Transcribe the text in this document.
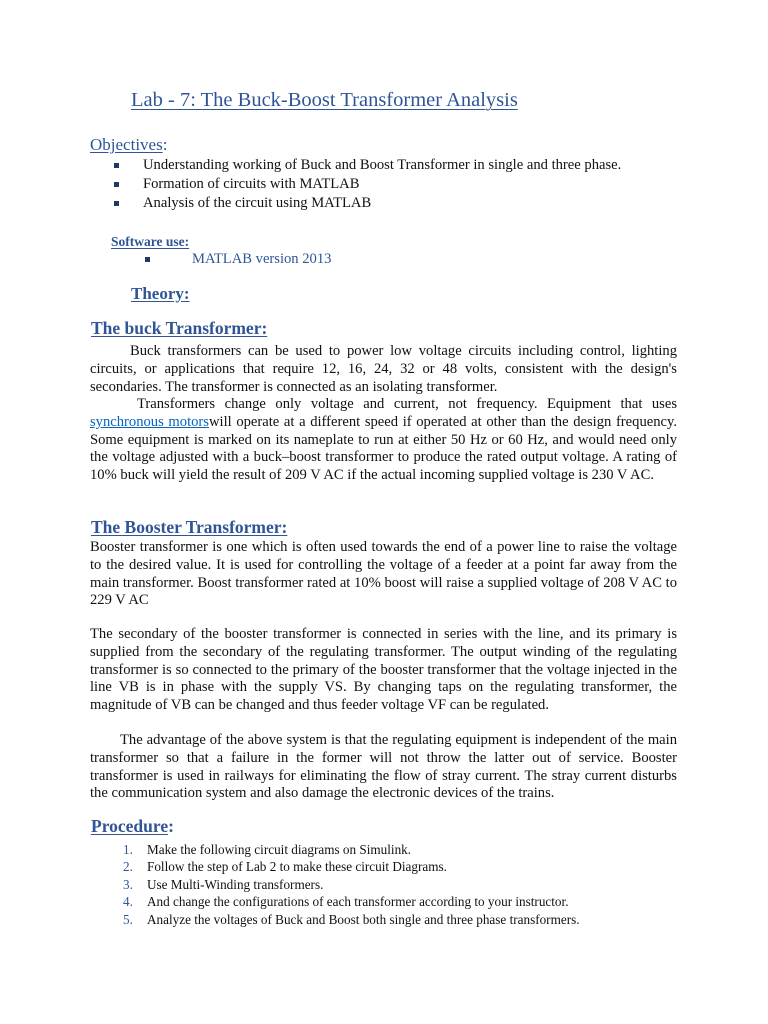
Lab - 7: The Buck-Boost Transformer Analysis
Objectives:
Understanding working of Buck and Boost Transformer in single and three phase.
Formation of circuits with MATLAB
Analysis of the circuit using MATLAB
Software use:
MATLAB version 2013
Theory:
The buck Transformer:

Buck transformers can be used to power low voltage circuits including control, lighting circuits, or applications that require 12, 16, 24, 32 or 48 volts, consistent with the design's secondaries. The transformer is connected as an isolating transformer.

Transformers change only voltage and current, not frequency. Equipment that uses synchronous motorswill operate at a different speed if operated at other than the design frequency. Some equipment is marked on its nameplate to run at either 50 Hz or 60 Hz, and would need only the voltage adjusted with a buck–boost transformer to produce the rated output voltage. A rating of 10% buck will yield the result of 209 V AC if the actual incoming supplied voltage is 230 V AC.

The Booster Transformer:

Booster transformer is one which is often used towards the end of a power line to raise the voltage to the desired value. It is used for controlling the voltage of a feeder at a point far away from the main transformer. Boost transformer rated at 10% boost will raise a supplied voltage of 208 V AC to 229 V AC

The secondary of the booster transformer is connected in series with the line, and its primary is supplied from the secondary of the regulating transformer. The output winding of the regulating transformer is so connected to the primary of the booster transformer that the voltage injected in the line VB is in phase with the supply VS. By changing taps on the regulating transformer, the magnitude of VB can be changed and thus feeder voltage VF can be regulated.

The advantage of the above system is that the regulating equipment is independent of the main transformer so that a failure in the former will not throw the latter out of service. Booster transformer is used in railways for eliminating the flow of stray current. The stray current disturbs the communication system and also damage the electronic devices of the trains.

Procedure:
1. Make the following circuit diagrams on Simulink.
2. Follow the step of Lab 2 to make these circuit Diagrams.
3. Use Multi-Winding transformers.
4. And change the configurations of each transformer according to your instructor.
5. Analyze the voltages of Buck and Boost both single and three phase transformers.
